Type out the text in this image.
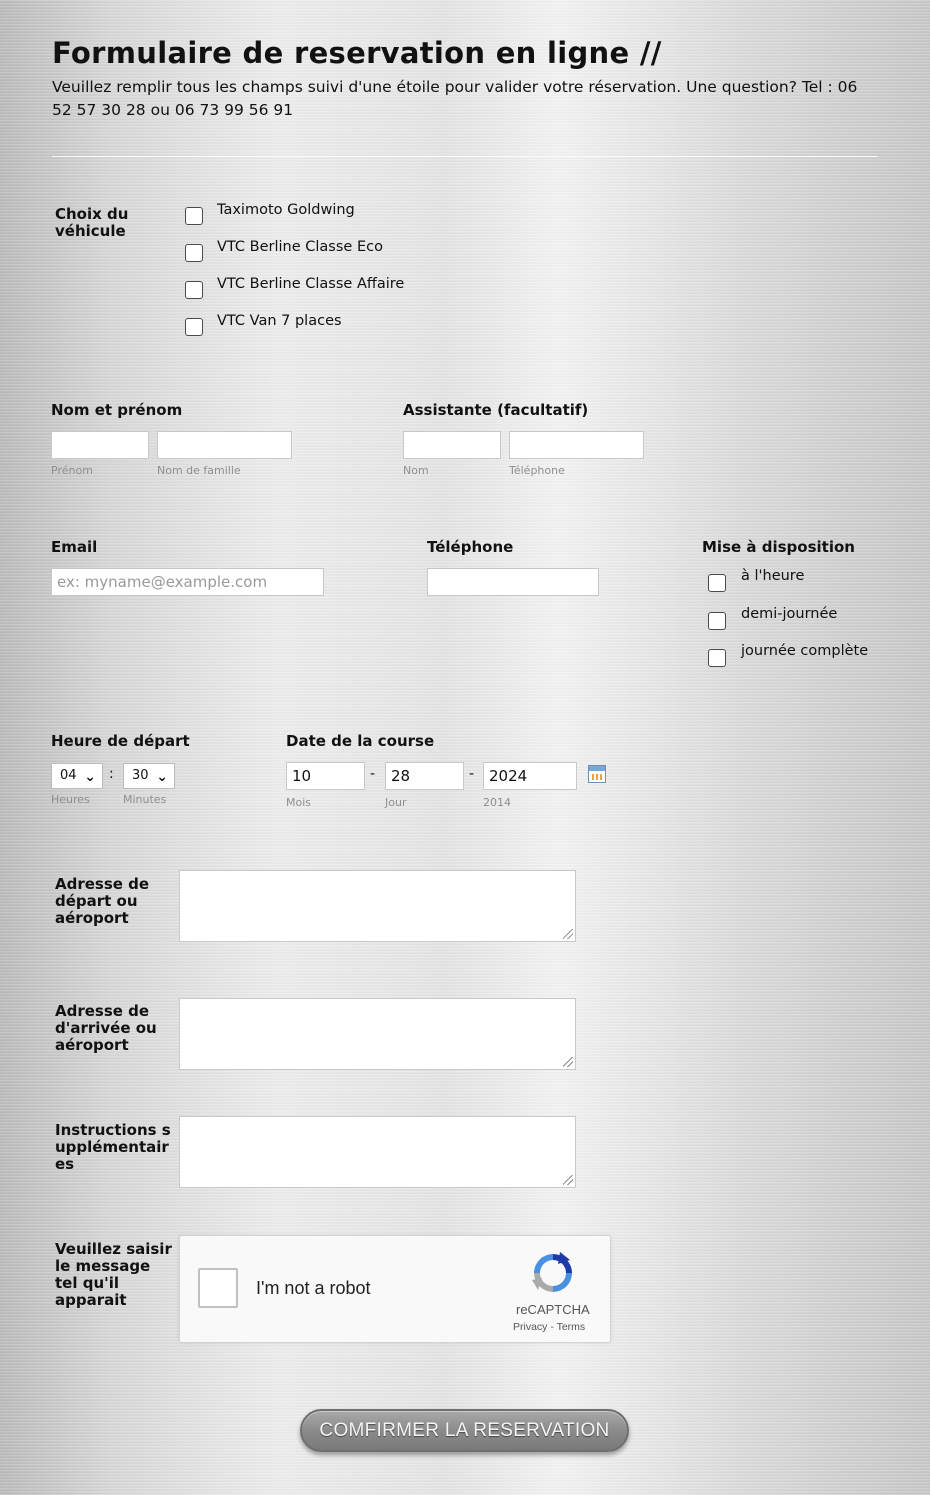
Formulaire de reservation en ligne //
Veuillez remplir tous les champs suivi d'une étoile pour valider votre réservation. Une question? Tel : 06 52 57 30 28 ou 06 73 99 56 91
Choix du véhicule
Taximoto Goldwing
VTC Berline Classe Eco
VTC Berline Classe Affaire
VTC Van 7 places
Nom et prénom
Prénom	Nom de famille
Assistante (facultatif)
Nom	Téléphone
Email
ex: myname@example.com
Téléphone	Mise à disposition
à l'heure
demi-journée
journée complète
Heure de départ
04 ⌄ :	30 ⌄
Heures	Minutes
Date de la course
10	-	28	- 2024
Mois	Jour	2014
Adresse de départ ou aéroport
Adresse de d'arrivée ou aéroport
Instructions supplémentaires
Veuillez saisir le message tel qu'il apparait
I'm not a robot
reCAPTCHA
Privacy - Terms
COMFIRMER LA RESERVATION
